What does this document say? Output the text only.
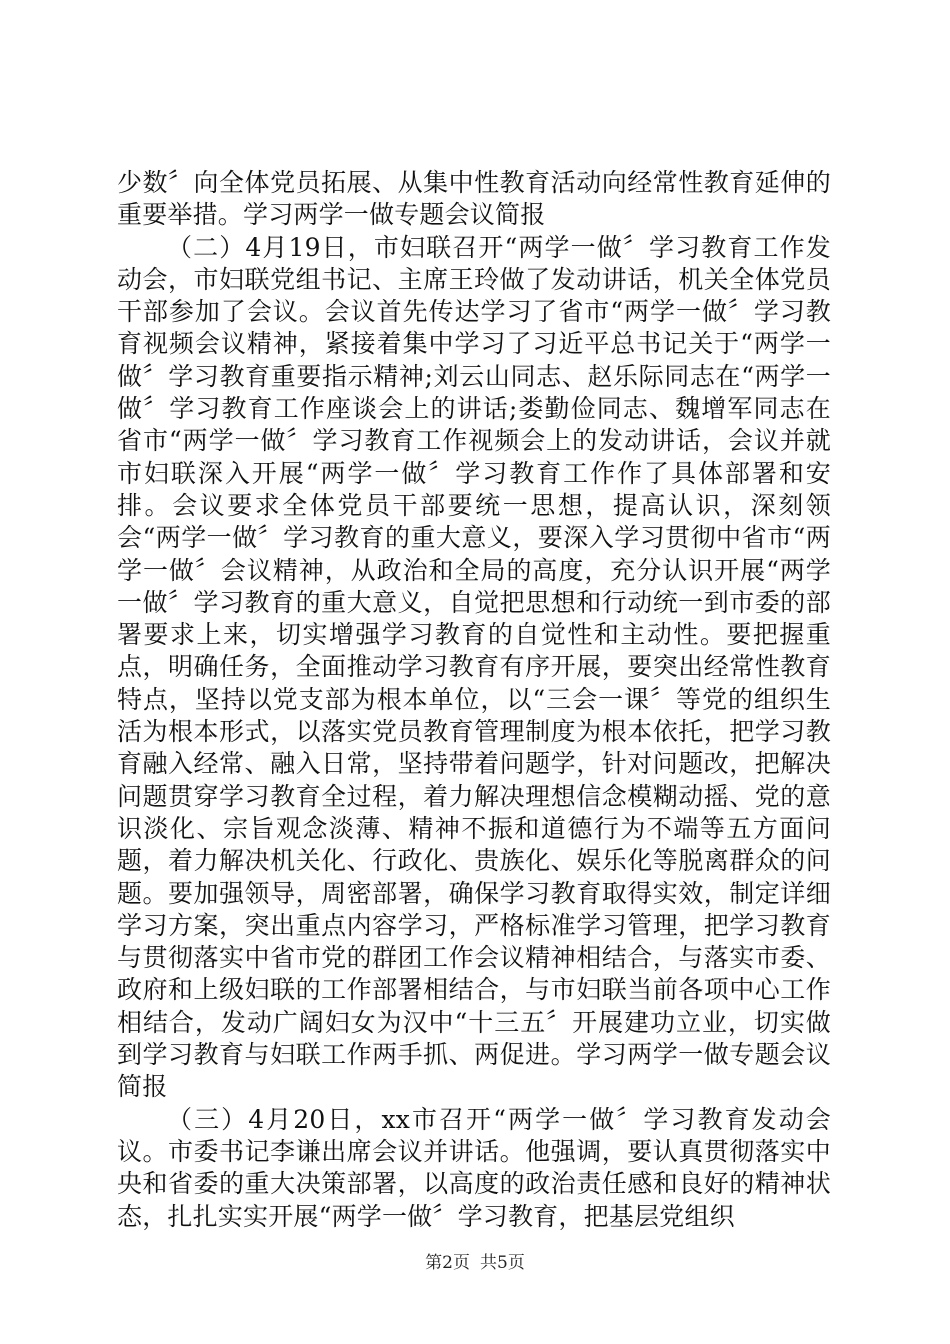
少数〞向全体党员拓展、从集中性教育活动向经常性教育延伸的重要举措。学习两学一做专题会议简报

（二）4月19日，市妇联召开“两学一做〞学习教育工作发动会，市妇联党组书记、主席王玲做了发动讲话，机关全体党员干部参加了会议。会议首先传达学习了省市“两学一做〞学习教育视频会议精神，紧接着集中学习了习近平总书记关于“两学一做〞学习教育重要指示精神;刘云山同志、赵乐际同志在“两学一做〞学习教育工作座谈会上的讲话;娄勤俭同志、魏增军同志在省市“两学一做〞学习教育工作视频会上的发动讲话，会议并就市妇联深入开展“两学一做〞学习教育工作作了具体部署和安排。会议要求全体党员干部要统一思想，提高认识，深刻领会“两学一做〞学习教育的重大意义，要深入学习贯彻中省市“两学一做〞会议精神，从政治和全局的高度，充分认识开展“两学一做〞学习教育的重大意义，自觉把思想和行动统一到市委的部署要求上来，切实增强学习教育的自觉性和主动性。要把握重点，明确任务，全面推动学习教育有序开展，要突出经常性教育特点，坚持以党支部为根本单位，以“三会一课〞等党的组织生活为根本形式，以落实党员教育管理制度为根本依托，把学习教育融入经常、融入日常，坚持带着问题学，针对问题改，把解决问题贯穿学习教育全过程，着力解决理想信念模糊动摇、党的意识淡化、宗旨观念淡薄、精神不振和道德行为不端等五方面问题，着力解决机关化、行政化、贵族化、娱乐化等脱离群众的问题。要加强领导，周密部署，确保学习教育取得实效，制定详细学习方案，突出重点内容学习，严格标准学习管理，把学习教育与贯彻落实中省市党的群团工作会议精神相结合，与落实市委、政府和上级妇联的工作部署相结合，与市妇联当前各项中心工作相结合，发动广阔妇女为汉中“十三五〞开展建功立业，切实做到学习教育与妇联工作两手抓、两促进。学习两学一做专题会议简报

（三）4月20日，xx市召开“两学一做〞学习教育发动会议。市委书记李谦出席会议并讲话。他强调，要认真贯彻落实中央和省委的重大决策部署，以高度的政治责任感和良好的精神状态，扎扎实实开展“两学一做〞学习教育，把基层党组织

第2页 共5页
